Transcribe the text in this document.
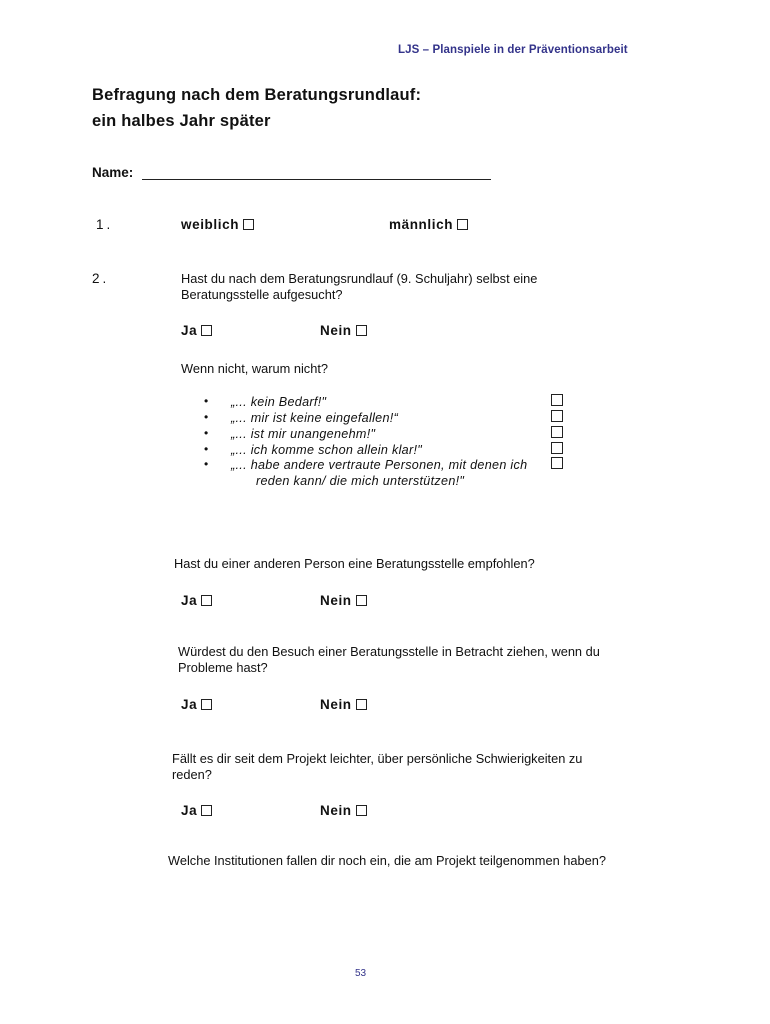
LJS – Planspiele in der Präventionsarbeit
Befragung nach dem Beratungsrundlauf:
ein halbes Jahr später
Name:
1.	weiblich	männlich
2.	Hast du nach dem Beratungsrundlauf (9. Schuljahr) selbst eine Beratungsstelle aufgesucht?
Ja	Nein
Wenn nicht, warum nicht?
• „... kein Bedarf!"
• „... mir ist keine eingefallen!“
• „... ist mir unangenehm!"
• „... ich komme schon allein klar!"
• „... habe andere vertraute Personen, mit denen ich reden kann/ die mich unterstützen!"
Hast du einer anderen Person eine Beratungsstelle empfohlen?
Ja	Nein
Würdest du den Besuch einer Beratungsstelle in Betracht ziehen, wenn du Probleme hast?
Ja	Nein
Fällt es dir seit dem Projekt leichter, über persönliche Schwierigkeiten zu reden?
Ja	Nein
Welche Institutionen fallen dir noch ein, die am Projekt teilgenommen haben?
53
